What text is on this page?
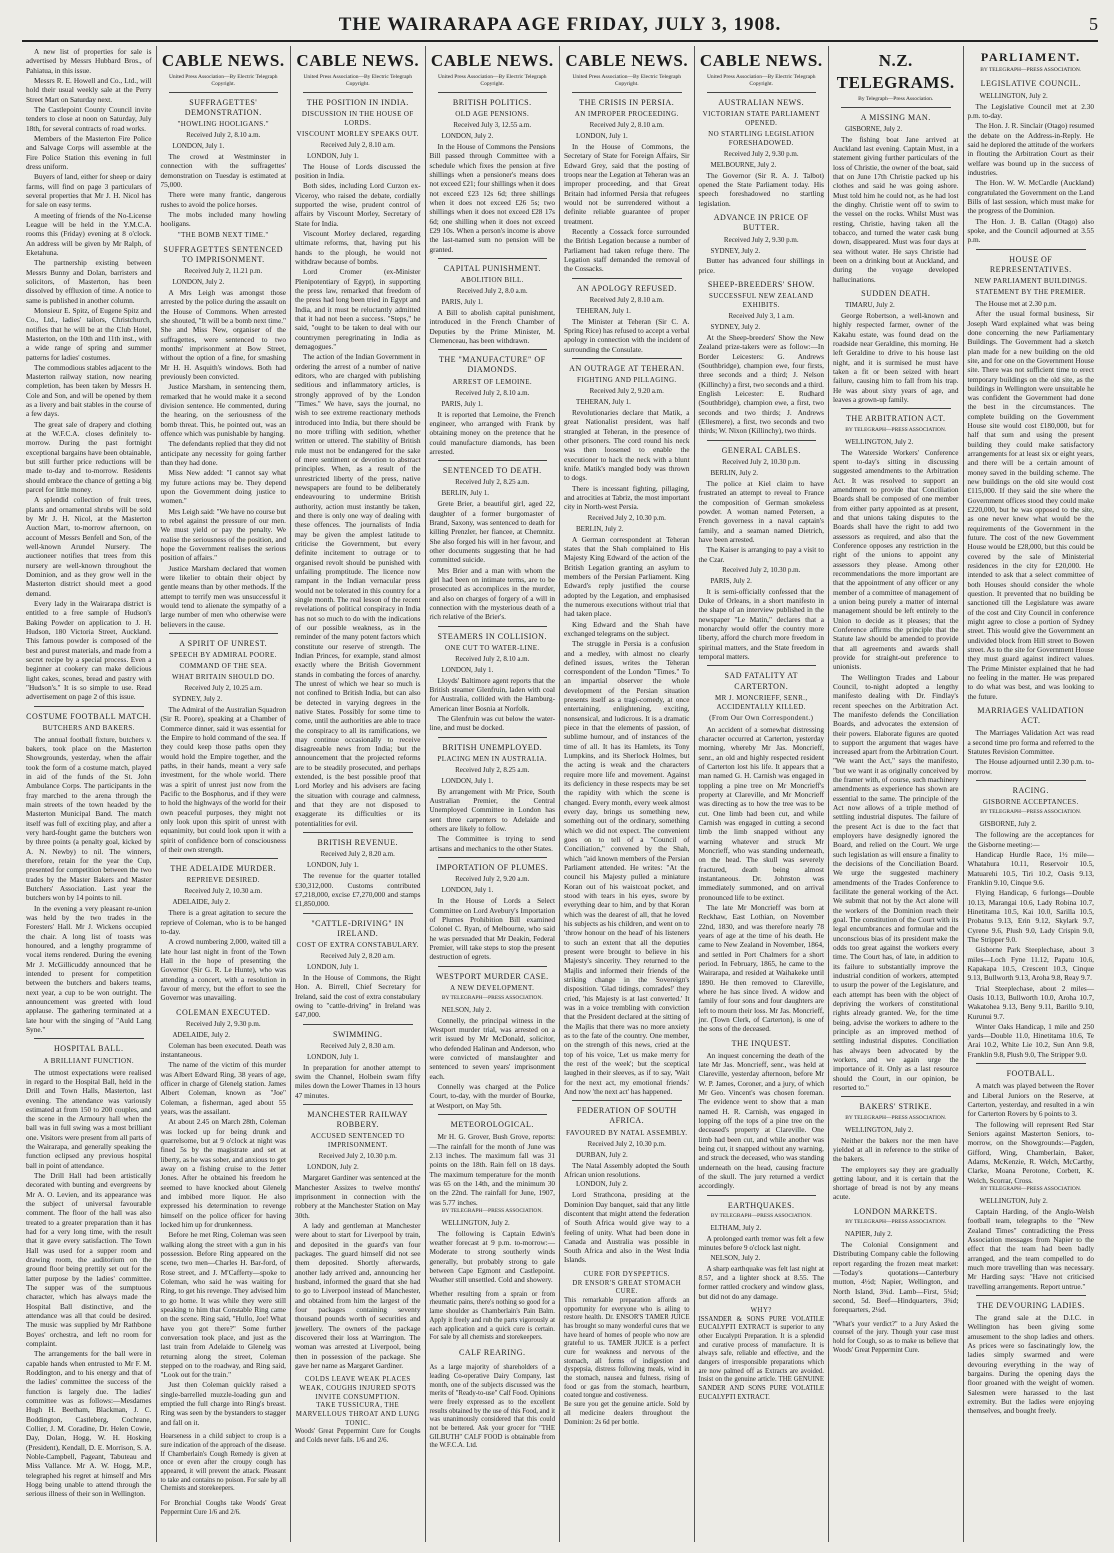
THE WAIRARAPA AGE FRIDAY, JULY 3, 1908.	5

A new list of properties for sale is advertised by Messrs Hubbard Bros., of Pahiatua, in this issue.

Messrs R. E. Howell and Co., Ltd., will hold their usual weekly sale at the Perry Street Mart on Saturday next.

The Castlepoint County Council invite tenders to close at noon on Saturday, July 18th, for several contracts of road works.

Members of the Masterton Fire Police and Salvage Corps will assemble at the Fire Police Station this evening in full dress uniform.

Buyers of land, either for sheep or dairy farms, will find on page 3 particulars of several properties that Mr J. H. Nicol has for sale on easy terms.

A meeting of friends of the No-License League will be held in the Y.M.C.A. rooms this (Friday) evening at 8 o'clock. An address will be given by Mr Ralph, of Eketahuna.

The partnership existing between Messrs Bunny and Dolan, barristers and solicitors, of Masterton, has been dissolved by effluxion of time. A notice to same is published in another column.

Monsieur E. Spitz, of Eugene Spitz and Co., Ltd., ladies' tailors, Christchurch, notifies that he will be at the Club Hotel, Masterton, on the 10th and 11th inst., with a wide range of spring and summer patterns for ladies' costumes.

The commodious stables adjacent to the Masterton railway station, now nearing completion, has been taken by Messrs H. Cole and Son, and will be opened by them as a livery and bait stables in the course of a few days.

The great sale of drapery and clothing at the W.F.C.A. closes definitely to-morrow. During the past fortnight exceptional bargains have been obtainable, but still further price reductions will be made to-day and to-morrow. Residents should embrace the chance of getting a big parcel for little money.

A splendid collection of fruit trees, plants and ornamental shrubs will be sold by Mr J. H. Nicol, at the Masterton Auction Mart, to-morrow afternoon, on account of Messrs Benfell and Son, of the well-known Arundel Nursery. The auctioneer notifies that trees from this nursery are well-known throughout the Dominion, and as they grow well in the Masterton district should meet a good demand.

Every lady in the Wairarapa district is entitled to a free sample of Hudson's Baking Powder on application to J. H. Hudson, 180 Victoria Street, Auckland. This famous powder is composed of the best and purest materials, and made from a secret recipe by a special process. Even a beginner at cookery can make delicious light cakes, scones, bread and pastry with "Hudson's." It is so simple to use. Read advertisement on page 2 of this issue.

COSTUME FOOTBALL MATCH.
BUTCHERS AND BAKERS.

The annual football fixture, butchers v. bakers, took place on the Masterton Showgrounds, yesterday, when the affair took the form of a costume match, played in aid of the funds of the St. John Ambulance Corps. The participants in the fray marched to the arena through the main streets of the town headed by the Masterton Municipal Band. The match itself was full of exciting play, and after a very hard-fought game the butchers won by three points (a penalty goal, kicked by A. N. Newby) to nil. The winners, therefore, retain for the year the Cup, presented for competition between the two trades by the Master Bakers and Master Butchers' Association. Last year the butchers won by 14 points to nil.

In the evening a very pleasant re-union was held by the two trades in the Foresters' Hall. Mr J. Wickens occupied the chair. A long list of toasts was honoured, and a lengthy programme of vocal items rendered. During the evening Mr J. McGillicuddy announced that he intended to present for competition between the butchers and bakers teams, next year, a cup to be won outright. The announcement was greeted with loud applause. The gathering terminated at a late hour with the singing of "Auld Lang Syne."

HOSPITAL BALL.
A BRILLIANT FUNCTION.

The utmost expectations were realised in regard to the Hospital Ball, held in the Drill and Town Halls, Masterton, last evening. The attendance was variously estimated at from 150 to 200 couples, and the scene in the Armoury hall when the ball was in full swing was a most brilliant one. Visitors were present from all parts of the Wairarapa, and generally speaking the function eclipsed any previous hospital ball in point of attendance.

The Drill Hall had been artistically decorated with bunting and evergreens by Mr A. O. Levien, and its appearance was the subject of universal favourable comment. The floor of the hall was also treated to a greater preparation than it has had for a very long time, with the result that it gave every satisfaction. The Town Hall was used for a supper room and drawing room, the auditorium on the ground floor being prettily set out for the latter purpose by the ladies' committee. The supper was of the sumptuous character, which has always made the Hospital Ball distinctive, and the attendance was all that could be desired. The music was supplied by Mr Rathbone Boyes' orchestra, and left no room for complaint.

The arrangements for the ball were in capable hands when entrusted to Mr F. M. Roddington, and to his energy and that of the ladies' committee the success of the function is largely due. The ladies' committee was as follows:—Mesdames Hugh H. Beetham, Blackman, J. C. Boddington, Castleberg, Cochrane, Collier, J. M. Coradine, Dr. Helen Cowie, Day, Dolan, Hogg, W. H. Hosking (President), Kendall, D. E. Morrison, S. A. Noble-Campbell, Pageant, Tabuteau and Miss Vallance. Mr A. W. Hogg, M.P., telegraphed his regret at himself and Mrs Hogg being unable to attend through the serious illness of their son in Wellington.

CABLE NEWS.
United Press Association—By Electric Telegraph Copyright.
SUFFRAGETTES' DEMONSTRATION.
"HOWLING HOOLIGANS."
Received July 2, 8.10 a.m.
LONDON, July 1.

The crowd at Westminster in connection with the suffragettes' demonstration on Tuesday is estimated at 75,000.

There were many frantic, dangerous rushes to avoid the police horses.

The mobs included many howling hooligans.

"THE BOMB NEXT TIME."
SUFFRAGETTES SENTENCED TO IMPRISONMENT.
Received July 2, 11.21 p.m.
LONDON, July 2.

A Mrs Leigh was amongst those arrested by the police during the assault on the House of Commons. When arrested she shouted, "It will be a bomb next time." She and Miss New, organiser of the suffragettes, were sentenced to two months' imprisonment at Bow Street, without the option of a fine, for smashing Mr H. H. Asquith's windows. Both had previously been convicted.

Justice Marsham, in sentencing them, remarked that he would make it a second division sentence. He commented, during the hearing, on the seriousness of the bomb threat. This, he pointed out, was an offence which was punishable by hanging.

The defendants replied that they did not anticipate any necessity for going farther than they had done.

Miss New added: "I cannot say what my future actions may be. They depend upon the Government doing justice to women."

Mrs Leigh said: "We have no course but to rebel against the pressure of our men. We must yield or pay the penalty. We realise the seriousness of the position, and hope the Government realises the serious position of affairs."

Justice Marsham declared that women were likelier to obtain their object by gentle means than by other methods. If the attempt to terrify men was unsuccessful it would tend to alienate the sympathy of a large number of men who otherwise were believers in the cause.

A SPIRIT OF UNREST.
SPEECH BY ADMIRAL POORE.
COMMAND OF THE SEA.
WHAT BRITAIN SHOULD DO.
Received July 2, 10.25 a.m.
SYDNEY, July 2.

The Admiral of the Australian Squadron (Sir R. Poore), speaking at a Chamber of Commerce dinner, said it was essential for the Empire to hold command of the sea. If they could keep those paths open they would hold the Empire together, and the paths, in their hands, meant a very safe investment, for the whole world. There was a spirit of unrest just now from the Pacific to the Bosphorus, and if they were to hold the highways of the world for their own peaceful purposes, they might not only look upon this spirit of unrest with equanimity, but could look upon it with a spirit of confidence born of consciousness of their own strength.

THE ADELAIDE MURDER.
REPRIEVE DESIRED.
Received July 2, 10.30 a.m.
ADELAIDE, July 2.

There is a great agitation to secure the reprieve of Coleman, who is to be hanged to-day.

A crowd numbering 2,000, waited till a late hour last night in front of the Town Hall in the hope of presenting the Governor (Sir G. R. Le Hunte), who was attending a concert, with a resolution in favour of mercy, but the effort to see the Governor was unavailing.

COLEMAN EXECUTED.
Received July 2, 9.30 p.m.
ADELAIDE, July 2.

Coleman has been executed. Death was instantaneous.

The name of the victim of this murder was Albert Edward Ring, 38 years of age, officer in charge of Glenelg station. James Albert Coleman, known as "Joe" Coleman, a fisherman, aged about 55 years, was the assailant.

At about 2.45 on March 28th, Coleman was locked up for being drunk and quarrelsome, but at 9 o'clock at night was fined 5s by the magistrate and set at liberty, as he was sober, and anxious to get away on a fishing cruise to the Jetter Jones. After he obtained his freedom he seemed to have knocked about Glenelg and imbibed more liquor. He also expressed his determination to revenge himself on the police officer for having locked him up for drunkenness.

Before he met Ring, Coleman was seen walking along the street with a gun in his possession. Before Ring appeared on the scene, two men—Charles H. Bar-ford, of Rose street, and J. M'Cafferty—spoke to Coleman, who said he was waiting for Ring, to get his revenge. They advised him to go home. It was while they were still speaking to him that Constable Ring came on the scene. Ring said, "Hullo, Joe! What have you got there?" Some further conversation took place, and just as the last train from Adelaide to Glenelg was returning along the street, Coleman stepped on to the roadway, and Ring said, "Look out for the train."

Just then Coleman quickly raised a single-barrelled muzzle-loading gun and emptied the full charge into Ring's breast. Ring was seen by the bystanders to stagger and fall on it.

Hoarseness in a child subject to croup is a sure indication of the approach of the disease. If Chamberlain's Cough Remedy is given at once or even after the croupy cough has appeared, it will prevent the attack. Pleasant to take and contains no poison. For sale by all Chemists and storekeepers.
For Bronchial Coughs take Woods' Great Peppermint Cure 1/6 and 2/6.
CABLE NEWS.
United Press Association—By Electric Telegraph Copyright.
THE POSITION IN INDIA.
DISCUSSION IN THE HOUSE OF LORDS.
VISCOUNT MORLEY SPEAKS OUT.
Received July 2, 8.10 a.m.
LONDON, July 1.

The House of Lords discussed the position in India.

Both sides, including Lord Curzon ex-Viceroy, who raised the debate, cordially supported the wise, prudent control of affairs by Viscount Morley, Secretary of State for India.

Viscount Morley declared, regarding ultimate reforms, that, having put his hands to the plough, he would not withdraw because of bombs.

Lord Cromer (ex-Minister Plenipotentiary of Egypt), in supporting the press law, remarked that freedom of the press had long been tried in Egypt and India, and it must be reluctantly admitted that it had not been a success. "Steps," he said, "ought to be taken to deal with our countrymen peregrinating in India as demagogues."

The action of the Indian Government in ordering the arrest of a number of native editors, who are charged with publishing seditious and inflammatory articles, is strongly approved of by the London "Times." We have, says the journal, no wish to see extreme reactionary methods introduced into India, but there should be no more trifling with sedition, whether written or uttered. The stability of British rule must not be endangered for the sake of mere sentiment or devotion to abstract principles. When, as a result of the unrestricted liberty of the press, native newspapers are found to be deliberately endeavouring to undermine British authority, action must instantly be taken, and there is only one way of dealing with these offences. The journalists of India may be given the amplest latitude to criticise the Government, but every definite incitement to outrage or to organised revolt should be punished with unfailing promptitude. The licence now rampant in the Indian vernacular press would not be tolerated in this country for a single month. The real lesson of the recent revelations of political conspiracy in India has not so much to do with the indications of our possible weakness, as in the reminder of the many potent factors which constitute our reserve of strength. The Indian Princes, for example, stand almost exactly where the British Government stands in combating the forces of anarchy. The unrest of which we hear so much is not confined to British India, but can also be detected in varying degrees in the native States. Possibly for some time to come, until the authorities are able to trace the conspiracy to all its ramifications, we may continue occasionally to receive disagreeable news from India; but the announcement that the projected reforms are to be steadily prosecuted, and perhaps extended, is the best possible proof that Lord Morley and his advisers are facing the situation with courage and calmness, and that they are not disposed to exaggerate its difficulties or its potentialities for evil.

BRITISH REVENUE.
Received July 2, 8.20 a.m.
LONDON, July 1.

The revenue for the quarter totalled £30,312,000. Customs contributed £7,218,000, excise £7,270,000 and stamps £1,850,000.

"CATTLE-DRIVING" IN IRELAND.
COST OF EXTRA CONSTABULARY.
Received July 2, 8.20 a.m.
LONDON, July 1.

In the House of Commons, the Right Hon. A. Birrell, Chief Secretary for Ireland, said the cost of extra constabulary owing to "cattle-driving" in Ireland was £47,000.

SWIMMING.
Received July 2, 8.30 a.m.
LONDON, July 1.

In preparation for another attempt to swim the Channel, Holbein swam fifty miles down the Lower Thames in 13 hours 47 minutes.

MANCHESTER RAILWAY ROBBERY.
ACCUSED SENTENCED TO IMPRISONMENT.
Received July 2, 10.30 p.m.
LONDON, July 2.

Margaret Gardiner was sentenced at the Manchester Assizes to twelve months' imprisonment in connection with the robbery at the Manchester Station on May 30th.

A lady and gentleman at Manchester were about to start for Liverpool by train, and deposited in the guard's van four packages. The guard himself did not see them deposited. Shortly afterwards, another lady arrived and, announcing her husband, informed the guard that she had to go to Liverpool instead of Manchester, and obtained from him the largest of the four packages containing seventy thousand pounds worth of securities and jewellery. The owners of the package discovered their loss at Warrington. The woman was arrested at Liverpool, being then in possession of the package. She gave her name as Margaret Gardiner.

COLDS LEAVE WEAK PLACES WEAK, COUGHS INJURED SPOTS INVITE CONSUMPTION.
TAKE TUSSICURA, THE MARVELLOUS THROAT AND LUNG TONIC.
Woods' Great Peppermint Cure for Coughs and Colds never fails. 1/6 and 2/6.
CABLE NEWS.
United Press Association—By Electric Telegraph Copyright.
BRITISH POLITICS.
OLD AGE PENSIONS.
Received July 3, 12.55 a.m.
LONDON, July 2.

In the House of Commons the Pensions Bill passed through Committee with a schedule which fixes the pension at five shillings when a pensioner's means does not exceed £21; four shillings when it does not exceed £23 12s 6d; three shillings when it does not exceed £26 5s; two shillings when it does not exceed £28 17s 6d; one shilling when it does not exceed £29 10s. When a person's income is above the last-named sum no pension will be granted.

CAPITAL PUNISHMENT.
ABOLITION BILL.
Received July 2, 8.0 a.m.
PARIS, July 1.

A Bill to abolish capital punishment, introduced in the French Chamber of Deputies by the Prime Minister, M. Clemenceau, has been withdrawn.

THE "MANUFACTURE" OF DIAMONDS.
ARREST OF LEMOINE.
Received July 2, 8.10 a.m.
PARIS, July 1.

It is reported that Lemoine, the French engineer, who arranged with Frank by obtaining money on the pretence that he could manufacture diamonds, has been arrested.

SENTENCED TO DEATH.
Received July 2, 8.25 a.m.
BERLIN, July 1.

Grete Brier, a beautiful girl, aged 22, daughter of a former burgomaster of Brand, Saxony, was sentenced to death for killing Prenzler, her fiancee, at Chemnitz. She also forged his will in her favour, and other documents suggesting that he had committed suicide.

Mrs Brier and a man with whom the girl had been on intimate terms, are to be prosecuted as accomplices in the murder, and also on charges of forgery of a will in connection with the mysterious death of a rich relative of the Brier's.

STEAMERS IN COLLISION.
ONE CUT TO WATER-LINE.
Received July 2, 8.10 a.m.
LONDON, July 1.

Lloyds' Baltimore agent reports that the British steamer Glenfruin, laden with coal for Australia, collided with the Hamburg-American liner Bosnia at Norfolk.

The Glenfruin was cut below the water-line, and must be docked.

BRITISH UNEMPLOYED.
PLACING MEN IN AUSTRALIA.
Received July 2, 8.25 a.m.
LONDON, July 1.

By arrangement with Mr Price, South Australian Premier, the Central Unemployed Committee in London has sent three carpenters to Adelaide and others are likely to follow.

The Committee is trying to send artisans and mechanics to the other States.

IMPORTATION OF PLUMES.
Received July 2, 9.20 a.m.
LONDON, July 1.

In the House of Lords a Select Committee on Lord Avebury's Importation of Plumes Prohibition Bill examined Colonel C. Ryan, of Melbourne, who said he was persuaded that Mr Deakin, Federal Premier, will take steps to stop the present destruction of egrets.

WESTPORT MURDER CASE.
A NEW DEVELOPMENT.
BY TELEGRAPH—PRESS ASSOCIATION.
NELSON, July 2.

Connelly, the principal witness in the Westport murder trial, was arrested on a writ issued by Mr McDonald, solicitor, who defended Halinan and Anderson, who were convicted of manslaughter and sentenced to seven years' imprisonment each.

Connelly was charged at the Police Court, to-day, with the murder of Bourke, at Westport, on May 5th.

METEOROLOGICAL.

Mr H. G. Grover, Bush Grove, reports:—The rainfall for the month of June was 2.13 inches. The maximum fall was 31 points on the 18th. Rain fell on 18 days. The maximum temperature for the month was 65 on the 14th, and the minimum 30 on the 22nd. The rainfall for June, 1907, was 5.77 inches.

BY TELEGRAPH—PRESS ASSOCIATION.
WELLINGTON, July 2.

The following is Captain Edwin's weather forecast at 9 p.m. to-morrow:—Moderate to strong southerly winds generally, but probably strong to gale between Cape Egmont and Castlepoint. Weather still unsettled. Cold and showery.

Whether resulting from a sprain or from rheumatic pains, there's nothing so good for a lame shoulder as Chamberlain's Pain Balm. Apply it freely and rub the parts vigorously at each application and a quick cure is certain. For sale by all chemists and storekeepers.
CALF REARING.
As a large majority of shareholders of a leading Co-operative Dairy Company, last month, one of the subjects discussed was the merits of "Ready-to-use" Calf Food. Opinions were freely expressed as to the excellent results obtained by the use of this Food, and it was unanimously considered that this could not be bettered. Ask your grocer for "THE GILBUTH" CALF FOOD is obtainable from the W.F.C.A. Ltd.
CABLE NEWS.
United Press Association—By Electric Telegraph Copyright.
THE CRISIS IN PERSIA.
AN IMPROPER PROCEEDING.
Received July 2, 8.10 a.m.
LONDON, July 1.

In the House of Commons, the Secretary of State for Foreign Affairs, Sir Edward Grey, said that the posting of troops near the Legation at Teheran was an improper proceeding, and that Great Britain had informed Persia that refugees would not be surrendered without a definite reliable guarantee of proper treatment.

Recently a Cossack force surrounded the British Legation because a number of Parliament had taken refuge there. The Legation staff demanded the removal of the Cossacks.

AN APOLOGY REFUSED.
Received July 2, 8.10 a.m.
TEHERAN, July 1.

The Minister at Teheran (Sir C. A. Spring Rice) has refused to accept a verbal apology in connection with the incident of surrounding the Consulate.

AN OUTRAGE AT TEHERAN.
FIGHTING AND PILLAGING.
Received July 2, 9.20 a.m.
TEHERAN, July 1.

Revolutionaries declare that Matik, a great Nationalist president, was half strangled at Teheran, in the presence of other prisoners. The cord round his neck was then loosened to enable the executioner to hack the neck with a blunt knife. Matik's mangled body was thrown to dogs.

There is incessant fighting, pillaging, and atrocities at Tabriz, the most important city in North-west Persia.

Received July 2, 10.30 p.m.
BERLIN, July 2.

A German correspondent at Teheran states that the Shah complained to His Majesty King Edward of the action of the British Legation granting an asylum to members of the Persian Parliament. King Edward's reply justified the course adopted by the Legation, and emphasised the numerous executions without trial that had taken place.

King Edward and the Shah have exchanged telegrams on the subject.

The struggle in Persia is a confusion and a medley, with almost no clearly defined issues, writes the Teheran correspondent of the London "Times." To an impartial observer the whole development of the Persian situation presents itself as a tragi-comedy, at once entertaining, enlightening, exciting, nonsensical, and ludicrous. It is a dramatic piece in that the elements of passion, of sublime humour, and of instances of the time of all. It has its Hamlets, its Tony Lumpkins, and its Sherlock Holmes, but the acting is weak and the characters require more life and movement. Against its deficiency in these respects may be set the rapidity with which the scene is changed. Every month, every week almost every day, brings us something new, something out of the ordinary, something which we did not expect. The convenient goes on to tell of a "Council of Conciliation," convened by the Shah, which "aid known members of the Persian Parliament attended. He writes: "At the council his Majesty pulled a miniature Koran out of his waistcoat pocket, and stood with tears in his eyes, swore by everything dear to him, and by that Koran which was the dearest of all, that he loved his subjects as his children, and went on to 'throw honour on the head' of his listeners to such an extent that all the deputies present were brought to believe in his Majesty's sincerity. They returned to the Majlis and informed their friends of the striking change in the Sovereign's disposition. 'Glad tidings, comrades!' they cried, 'his Majesty is at last converted.' It was in a voice trembling with conviction that the President declared at the sitting of the Majlis that there was no more anxiety as to the fate of the country. One member, on the strength of this news, cried at the top of his voice, 'Let us make merry for the rest of the week'; but the sceptical laughed in their sleeves, as if to say, 'Wait for the next act, my emotional friends.' And now 'the next act' has happened.

FEDERATION OF SOUTH AFRICA.
FAVOURED BY NATAL ASSEMBLY.
Received July 2, 10.30 p.m.
DURBAN, July 2.

The Natal Assembly adopted the South African union resolutions.

LONDON, July 2.

Lord Strathcona, presiding at the Dominion Day banquet, said that any little discontent that might attend the federation of South Africa would give way to a feeling of unity. What had been done in Canada and Australia was possible in South Africa and also in the West India Islands.

CURE FOR DYSPEPTICS.
DR ENSOR'S GREAT STOMACH CURE.
This remarkable preparation affords an opportunity for everyone who is ailing to restore health. Dr. ENSOR'S TAMER JUICE has brought so many wonderful cures that we have heard of homes of people who now are grateful to us. TAMER JUICE is a perfect cure for weakness and nervous of the stomach, all forms of indigestion and dyspepsia, distress following meals, wind in the stomach, nausea and fulness, rising of food or gas from the stomach, heartburn, coated tongue and costiveness.
Be sure you get the genuine article. Sold by all medicine dealers throughout the Dominion: 2s 6d per bottle.
CABLE NEWS.
United Press Association—By Electric Telegraph Copyright.
AUSTRALIAN NEWS.
VICTORIAN STATE PARLIAMENT OPENED.
NO STARTLING LEGISLATION FORESHADOWED.
Received July 2, 9.30 p.m.
MELBOURNE, July 2.

The Governor (Sir R. A. J. Talbot) opened the State Parliament today. His speech foreshadowed no startling legislation.

ADVANCE IN PRICE OF BUTTER.
Received July 2, 9.30 p.m.
SYDNEY, July 2.

Butter has advanced four shillings in price.

SHEEP-BREEDERS' SHOW.
SUCCESSFUL NEW ZEALAND EXHIBITS.
Received July 3, 1 a.m.
SYDNEY, July 2.

At the Sheep-breeders' Show the New Zealand prize-takers were as follow:—In Border Leicesters: G. Andrews (Southbridge), champion ewe, four firsts, three seconds and a third; J. Nelson (Killinchy) a first, two seconds and a third. English Leicester: E. Rudhard (Southbridge), champion ewe, a first, two seconds and two thirds; J. Andrews (Ellesmere), a first, two seconds and two thirds; W. Nixon (Killinchy), two thirds.

GENERAL CABLES.
Received July 2, 10.30 p.m.
BERLIN, July 2.

The police at Kiel claim to have frustrated an attempt to reveal to France the composition of German smokeless powder. A woman named Petersen, a French governess in a naval captain's family, and a seaman named Dietrich, have been arrested.

The Kaiser is arranging to pay a visit to the Czar.

Received July 2, 10.30 p.m.
PARIS, July 2.

It is semi-officially confessed that the Duke of Orleans, in a short manifesto in the shape of an interview published in the newspaper "Le Matin," declares that a monarchy would offer the country more liberty, afford the church more freedom in spiritual matters, and the State freedom in temporal matters.

SAD FATALITY AT CARTERTON.
MR J. MONCRIEFF, SENR., ACCIDENTALLY KILLED.
(From Our Own Correspondent.)

An accident of a somewhat distressing character occurred at Carterton, yesterday morning, whereby Mr Jas. Moncrieff, senr., an old and highly respected resident of Carterton lost his life. It appears that a man named G. H. Carnish was engaged in toppling a pine tree on Mr Moncrieff's property at Clareville, and Mr Moncrieff was directing as to how the tree was to be cut. One limb had been cut, and while Carnish was engaged in cutting a second limb the limb snapped without any warning whatever and struck Mr Moncrieff, who was standing underneath, on the head. The skull was severely fractured, death being almost instantaneous. Dr. Johnston was immediately summoned, and on arrival pronounced life to be extinct.

The late Mr Moncrieff was born at Reckhaw, East Lothian, on November 22nd, 1830, and was therefore nearly 78 years of age at the time of his death. He came to New Zealand in November, 1864, and settled in Port Chalmers for a short period. In February, 1865, he came to the Wairarapa, and resided at Waihakeke until 1890. He then removed to Clareville, where he has since lived. A widow and family of four sons and four daughters are left to mourn their loss. Mr Jas. Moncrieff, jnr. (Town Clerk, of Carterton), is one of the sons of the deceased.

THE INQUEST.

An inquest concerning the death of the late Mr Jas. Moncrieff, senr., was held at Clareville, yesterday afternoon, before Mr W. P. James, Coroner, and a jury, of which Mr Geo. Vincent's was chosen foreman. The evidence went to show that a man named H. R. Carnish, was engaged in lopping off the tops of a pine tree on the deceased's property at Clareville. One limb had been cut, and while another was being cut, it snapped without any warning, and struck the deceased, who was standing underneath on the head, causing fracture of the skull. The jury returned a verdict accordingly.

EARTHQUAKES.
BY TELEGRAPH—PRESS ASSOCIATION.
ELTHAM, July 2.

A prolonged earth tremor was felt a few minutes before 9 o'clock last night.

NELSON, July 2.

A sharp earthquake was felt last night at 8.57, and a lighter shock at 8.55. The former rattled crockery and window glass, but did not do any damage.

WHY?
ISSANDER & SONS PURE VOLATILE EUCALYPTI EXTRACT is superior to any other Eucalypti Preparation. It is a splendid and curative process of manufacture. It is always safe, reliable and effective, and the dangers of irresponsible preparations which are now palmed off as Extracts are avoided. Insist on the genuine article. THE GENUINE SANDER AND SONS PURE VOLATILE EUCALYPTI EXTRACT.
N.Z. TELEGRAMS.
By Telegraph—Press Association.
A MISSING MAN.
GISBORNE, July 2.

The fishing boat Jane arrived at Auckland last evening. Captain Must, in a statement giving further particulars of the loss of Christie, the owner of the boat, said that on June 17th Christie packed up his clothes and said he was going ashore. Must told him he could not, as he had lost the dinghy. Christie went off to swim to the vessel on the rocks. Whilst Must was resting, Christie, having taken all the tobacco, and turned the water cask bung down, disappeared. Must was four days at sea without water. He says Christie had been on a drinking bout at Auckland, and during the voyage developed hallucinations.

SUDDEN DEATH.
TIMARU, July 2.

George Robertson, a well-known and highly respected farmer, owner of the Kakahu estate, was found dead on the roadside near Geraldine, this morning. He left Geraldine to drive to his house last night, and it is surmised he must have taken a fit or been seized with heart failure, causing him to fall from his trap. He was about sixty years of age, and leaves a grown-up family.

THE ARBITRATION ACT.
BY TELEGRAPH—PRESS ASSOCIATION.
WELLINGTON, July 2.

The Waterside Workers' Conference spent to-day's sitting in discussing suggested amendments to the Arbitration Act. It was resolved to support an amendment to provide that Conciliation Boards shall be composed of one member from either party appointed as at present, and that unions taking disputes to the Boards shall have the right to add two assessors as required, and also that the Conference opposes any restriction in the right of the unions to appoint any assessors they please. Among other recommendations the more important are that the appointment of any officer or any member of a committee of management of a union being purely a matter of internal management should be left entirely to the Union to decide as it pleases; that the Conference affirms the principle that the Statute law should be amended to provide that all agreements and awards shall provide for straight-out preference to unionists.

The Wellington Trades and Labour Council, to-night adopted a lengthy manifesto dealing with Dr. Findlay's recent speeches on the Arbitration Act. The manifesto defends the Conciliation Boards, and advocates the extension of their powers. Elaborate figures are quoted to support the argument that wages have increased apart from the Arbitration Court. "We want the Act," says the manifesto, "but we want it as originally conceived by the framer with, of course, such machinery amendments as experience has shown are essential to the same. The principle of the Act now allows of a triple method of settling industrial disputes. The failure of the present Act is due to the fact that employers have designedly ignored the Board, and relied on the Court. We urge such legislation as will ensure a finality to the decisions of the Conciliation Board. We urge the suggested machinery amendments of the Trades Conference to facilitate the general working of the Act. We submit that not by the Act alone will the workers of the Dominion reach their goal. The constitution of the Court with its legal encumbrances and formulae and the unconscious bias of its president make the odds too great against the workers every time. The Court has, of late, in addition to its failure to substantially improve the industrial condition of workers, attempted to usurp the power of the Legislature, and each attempt has been with the object of depriving the workers of constitutional rights already granted. We, for the time being, advise the workers to adhere to the principle as an improved method of settling industrial disputes. Conciliation has always been advocated by the workers, and we again urge the importance of it. Only as a last resource should the Court, in our opinion, be resorted to."

BAKERS' STRIKE.
BY TELEGRAPH—PRESS ASSOCIATION.
WELLINGTON, July 2.

Neither the bakers nor the men have yielded at all in reference to the strike of the bakers.

The employers say they are gradually getting labour, and it is certain that the shortage of bread is not by any means acute.

LONDON MARKETS.
BY TELEGRAPH—PRESS ASSOCIATION.
NAPIER, July 2.

The Colonial Consignment and Distributing Company cable the following report regarding the frozen meat market:—Today's quotations—Canterbury mutton, 4½d; Napier, Wellington, and North Island, 3¾d. Lamb—First, 5¼d; second, 5d. Beef—Hindquarters, 3¾d; forequarters, 2¼d.

"What's your verdict?" to a Jury Asked the counsel of the jury. Though your case must hold for Cough, so as to make us believe that Woods' Great Peppermint Cure.
PARLIAMENT.
BY TELEGRAPH—PRESS ASSOCIATION.
LEGISLATIVE COUNCIL.
WELLINGTON, July 2.

The Legislative Council met at 2.30 p.m. to-day.

The Hon. J. R. Sinclair (Otago) resumed the debate on the Address-in-Reply. He said he deplored the attitude of the workers in flouting the Arbitration Court as their welfare was bound up in the success of industries.

The Hon. W. W. McCardle (Auckland) congratulated the Government on the Land Bills of last session, which must make for the progress of the Dominion.

The Hon. J. B. Callan (Otago) also spoke, and the Council adjourned at 3.55 p.m.

HOUSE OF REPRESENTATIVES.
NEW PARLIAMENT BUILDINGS.
STATEMENT BY THE PREMIER.

The House met at 2.30 p.m.

After the usual formal business, Sir Joseph Ward explained what was being done concerning the new Parliamentary Buildings. The Government had a sketch plan made for a new building on the old site, and for one on the Government House site. There was not sufficient time to erect temporary buildings on the old site, as the buildings in Wellington were unsuitable he was confident the Government had done the best in the circumstances. The complete building on the Government House site would cost £180,000, but for half that sum and using the present building they could make satisfactory arrangements for at least six or eight years, and there will be a certain amount of money saved in the building scheme. The new buildings on the old site would cost £115,000. If they said the site where the Government offices stood they could make £220,000, but he was opposed to the site, as one never knew what would be the requirements of the Government in the future. The cost of the new Government House would be £28,000, but this could be covered by the sale of Ministerial residences in the city for £20,000. He intended to ask that a select committee of both Houses should consider the whole question. It prevented that no building be sanctioned till the Legislature was aware of the cost and City Council in conference might agree to close a portion of Sydney street. This would give the Government an undivided block from Hill street to Bowen street. As to the site for Government House they must guard against indirect values. The Prime Minister explained that he had no feeling in the matter. He was prepared to do what was best, and was looking to the future.

MARRIAGES VALIDATION ACT.

The Marriages Validation Act was read a second time pro forma and referred to the Statutes Revision Committee.

The House adjourned until 2.30 p.m. to-morrow.

RACING.
GISBORNE ACCEPTANCES.
BY TELEGRAPH—PRESS ASSOCIATION.
GISBORNE, July 2.

The following are the acceptances for the Gisborne meeting:—

Handicap Hurdle Race, 1½ mile—Whatahura 10.11, Reservoir 10.5, Matuarehi 10.5, Tiri 10.2, Oasis 9.13, Franklin 9.10, Cinque 9.6.

Flying Handicap, 6 furlongs—Double 10.13, Marangai 10.6, Lady Robina 10.7, Hinetitama 10.5, Kai 10.0, Sarilla 10.5, Probatus 9.13, Erin 9.12, Skylark 9.7, Cyrene 9.6, Plush 9.0, Lady Crispin 9.0, The Stripper 9.0.

Gisborne Park Steeplechase, about 3 miles—Loch Fyne 11.12, Papatu 10.6, Kapakapa 10.5, Crescent 10.3, Cinque 9.13, Bullworth 9.13, Aroha 9.8, Reay 9.7.

Trial Steeplechase, about 2 miles—Oasis 10.13, Bullworth 10.0, Aroha 10.7, Wakatohea 9.13, Beny 9.11, Barillo 9.10, Kurunui 9.7.

Winter Oaks Handicap, 1 mile and 250 yards—Double 11.0, Hinetitama 10.6, Te Arai 10.2, White Lie 10.2, Sun Ann 9.8, Franklin 9.8, Plush 9.0, The Stripper 9.0.

FOOTBALL.

A match was played between the Rover and Liberal Juniors on the Reserve, at Carterton, yesterday, and resulted in a win for Carterton Rovers by 6 points to 3.

The following will represent Red Star Seniors against Masterton Seniors, to-morrow, on the Showgrounds:—Pagden, Gifford, Wing, Chamberlain, Baker, Adams, McKenzie, R. Welch, McCarthy, Clarke, Moana Perotone, Corbett, K. Welch, Scorrar, Cross.

BY TELEGRAPH—PRESS ASSOCIATION.
WELLINGTON, July 2.

Captain Harding, of the Anglo-Welsh football team, telegraphs to the "New Zealand Times" contradicting the Press Association messages from Napier to the effect that the team had been badly arranged, and the team compelled to do much more travelling than was necessary. Mr Harding says: "Have not criticised travelling arrangements. Report untrue."

THE DEVOURING LADIES.

The grand sale at the D.I.C. in Wellington has been giving some amusement to the shop ladies and others. As prices were so fascinatingly low, the ladies simply swarmed and were devouring everything in the way of bargains. During the opening days the floor groaned with the weight of women. Salesmen were harassed to the last extremity. But the ladies were enjoying themselves, and bought freely.
